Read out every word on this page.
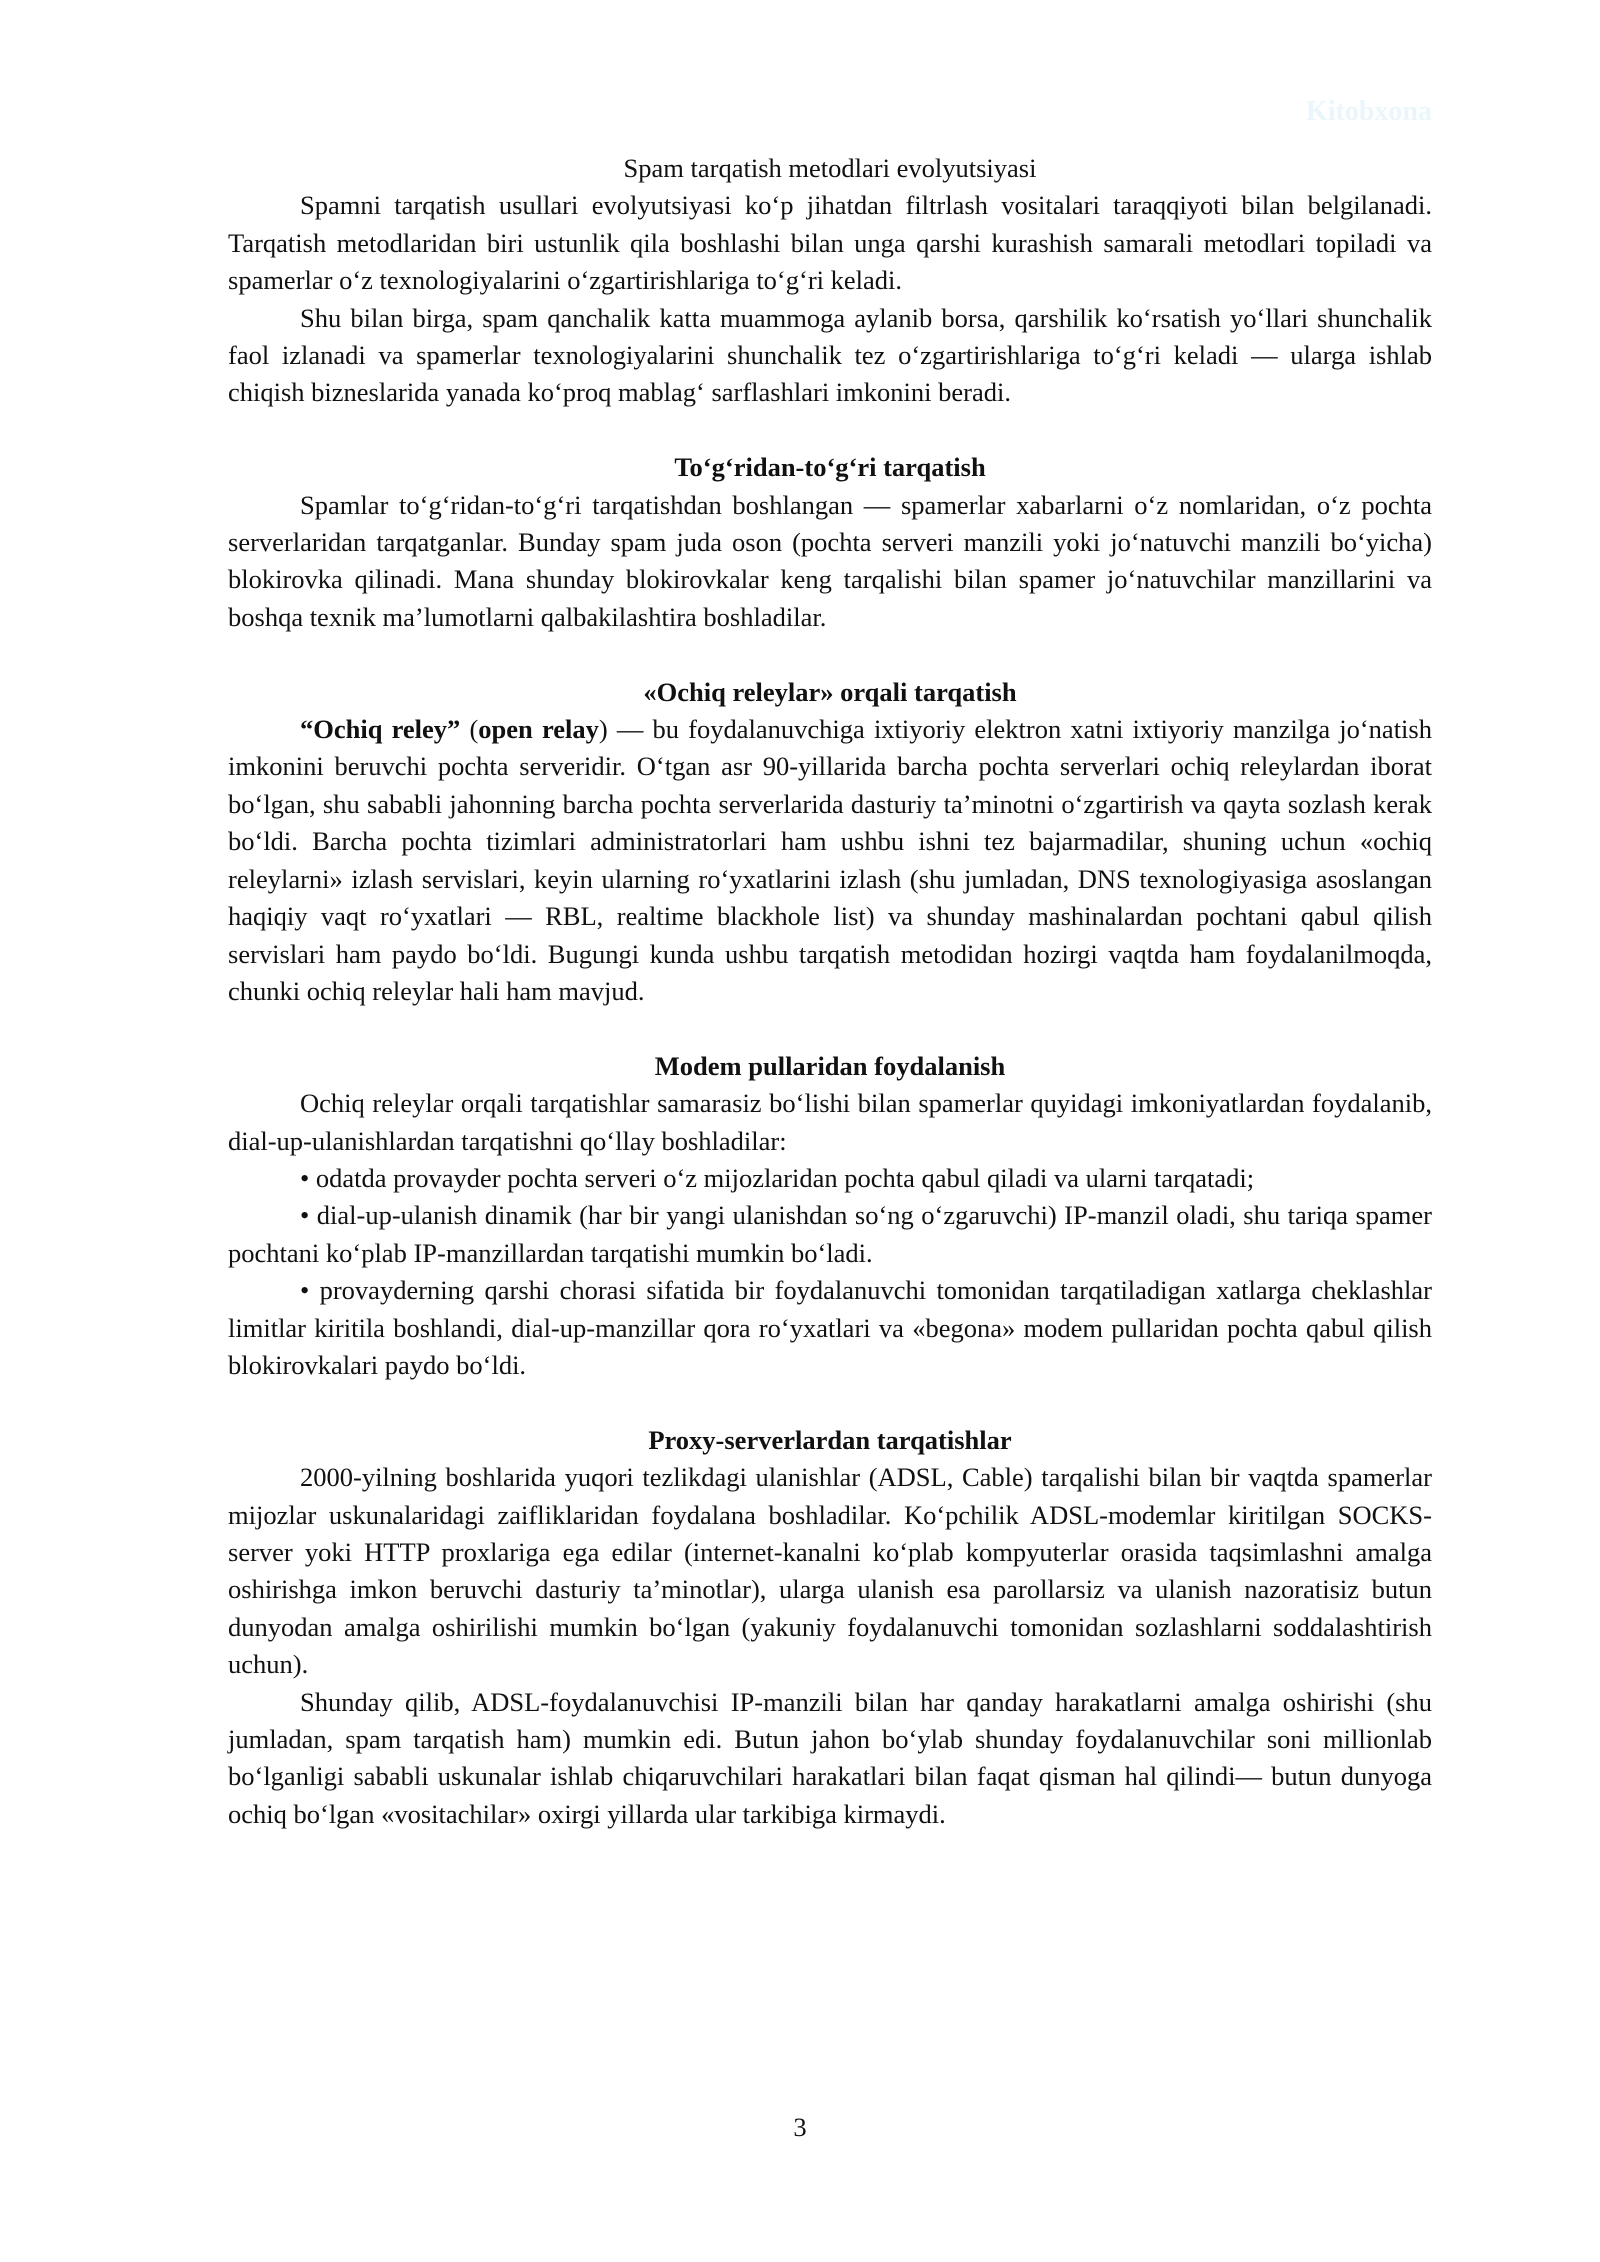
Kitobxona
Spam tarqatish metodlari evolyutsiyasi

Spamni tarqatish usullari evolyutsiyasi ko‘p jihatdan filtrlash vositalari taraqqiyoti bilan belgilanadi. Tarqatish metodlaridan biri ustunlik qila boshlashi bilan unga qarshi kurashish samarali metodlari topiladi va spamerlar o‘z texnologiyalarini o‘zgartirishlariga to‘g‘ri keladi.

Shu bilan birga, spam qanchalik katta muammoga aylanib borsa, qarshilik ko‘rsatish yo‘llari shunchalik faol izlanadi va spamerlar texnologiyalarini shunchalik tez o‘zgartirishlariga to‘g‘ri keladi — ularga ishlab chiqish bizneslarida yanada ko‘proq mablag‘ sarflashlari imkonini beradi.

To‘g‘ridan-to‘g‘ri tarqatish

Spamlar to‘g‘ridan-to‘g‘ri tarqatishdan boshlangan — spamerlar xabarlarni o‘z nomlaridan, o‘z pochta serverlaridan tarqatganlar. Bunday spam juda oson (pochta serveri manzili yoki jo‘natuvchi manzili bo‘yicha) blokirovka qilinadi. Mana shunday blokirovkalar keng tarqalishi bilan spamer jo‘natuvchilar manzillarini va boshqa texnik ma’lumotlarni qalbakilashtira boshladilar.

«Ochiq releylar» orqali tarqatish

“Ochiq reley” (open relay) — bu foydalanuvchiga ixtiyoriy elektron xatni ixtiyoriy manzilga jo‘natish imkonini beruvchi pochta serveridir. O‘tgan asr 90-yillarida barcha pochta serverlari ochiq releylardan iborat bo‘lgan, shu sababli jahonning barcha pochta serverlarida dasturiy ta’minotni o‘zgartirish va qayta sozlash kerak bo‘ldi. Barcha pochta tizimlari administratorlari ham ushbu ishni tez bajarmadilar, shuning uchun «ochiq releylarni» izlash servislari, keyin ularning ro‘yxatlarini izlash (shu jumladan, DNS texnologiyasiga asoslangan haqiqiy vaqt ro‘yxatlari — RBL, realtime blackhole list) va shunday mashinalardan pochtani qabul qilish servislari ham paydo bo‘ldi. Bugungi kunda ushbu tarqatish metodidan hozirgi vaqtda ham foydalanilmoqda, chunki ochiq releylar hali ham mavjud.

Modem pullaridan foydalanish

Ochiq releylar orqali tarqatishlar samarasiz bo‘lishi bilan spamerlar quyidagi imkoniyatlardan foydalanib, dial-up-ulanishlardan tarqatishni qo‘llay boshladilar:

• odatda provayder pochta serveri o‘z mijozlaridan pochta qabul qiladi va ularni tarqatadi;

• dial-up-ulanish dinamik (har bir yangi ulanishdan so‘ng o‘zgaruvchi) IP-manzil oladi, shu tariqa spamer pochtani ko‘plab IP-manzillardan tarqatishi mumkin bo‘ladi.

• provayderning qarshi chorasi sifatida bir foydalanuvchi tomonidan tarqatiladigan xatlarga cheklashlar limitlar kiritila boshlandi, dial-up-manzillar qora ro‘yxatlari va «begona» modem pullaridan pochta qabul qilish blokirovkalari paydo bo‘ldi.

Proxy-serverlardan tarqatishlar

2000-yilning boshlarida yuqori tezlikdagi ulanishlar (ADSL, Cable) tarqalishi bilan bir vaqtda spamerlar mijozlar uskunalaridagi zaifliklaridan foydalana boshladilar. Ko‘pchilik ADSL-modemlar kiritilgan SOCKS-server yoki HTTP proxlariga ega edilar (internet-kanalni ko‘plab kompyuterlar orasida taqsimlashni amalga oshirishga imkon beruvchi dasturiy ta’minotlar), ularga ulanish esa parollarsiz va ulanish nazoratisiz butun dunyodan amalga oshirilishi mumkin bo‘lgan (yakuniy foydalanuvchi tomonidan sozlashlarni soddalashtirish uchun).

Shunday qilib, ADSL-foydalanuvchisi IP-manzili bilan har qanday harakatlarni amalga oshirishi (shu jumladan, spam tarqatish ham) mumkin edi. Butun jahon bo‘ylab shunday foydalanuvchilar soni millionlab bo‘lganligi sababli uskunalar ishlab chiqaruvchilari harakatlari bilan faqat qisman hal qilindi— butun dunyoga ochiq bo‘lgan «vositachilar» oxirgi yillarda ular tarkibiga kirmaydi.

3
